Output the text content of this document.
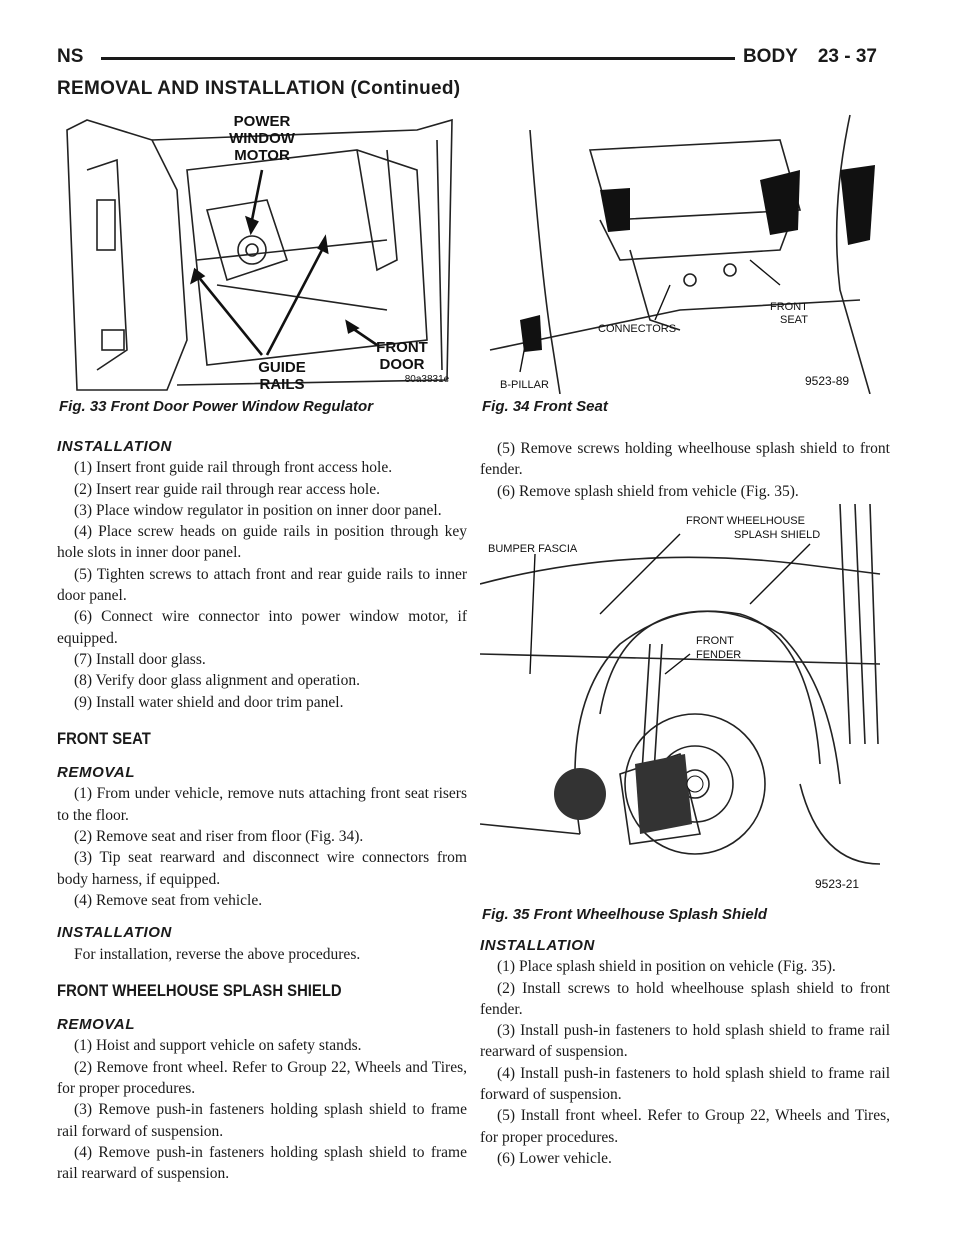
NS	BODY 23 - 37
REMOVAL AND INSTALLATION (Continued)
POWER
WINDOW
MOTOR
FRONT
DOOR
GUIDE
RAILS	80a3831e
Fig. 33 Front Door Power Window Regulator
FRONT
SEAT
CONNECTORS
B-PILLAR	9523-89
Fig. 34 Front Seat
INSTALLATION

(1) Insert front guide rail through front access hole.

(2) Insert rear guide rail through rear access hole.

(3) Place window regulator in position on inner door panel.

(4) Place screw heads on guide rails in position through key hole slots in inner door panel.

(5) Tighten screws to attach front and rear guide rails to inner door panel.

(6) Connect wire connector into power window motor, if equipped.

(7) Install door glass.

(8) Verify door glass alignment and operation.

(9) Install water shield and door trim panel.

FRONT SEAT
REMOVAL

(1) From under vehicle, remove nuts attaching front seat risers to the floor.

(2) Remove seat and riser from floor (Fig. 34).

(3) Tip seat rearward and disconnect wire connectors from body harness, if equipped.

(4) Remove seat from vehicle.

INSTALLATION

For installation, reverse the above procedures.

FRONT WHEELHOUSE SPLASH SHIELD
REMOVAL

(1) Hoist and support vehicle on safety stands.

(2) Remove front wheel. Refer to Group 22, Wheels and Tires, for proper procedures.

(3) Remove push-in fasteners holding splash shield to frame rail forward of suspension.

(4) Remove push-in fasteners holding splash shield to frame rail rearward of suspension.

(5) Remove screws holding wheelhouse splash shield to front fender.

(6) Remove splash shield from vehicle (Fig. 35).

BUMPER FASCIA
FRONT WHEELHOUSE
SPLASH SHIELD
FRONT
FENDER
9523-21
Fig. 35 Front Wheelhouse Splash Shield
INSTALLATION

(1) Place splash shield in position on vehicle (Fig. 35).

(2) Install screws to hold wheelhouse splash shield to front fender.

(3) Install push-in fasteners to hold splash shield to frame rail rearward of suspension.

(4) Install push-in fasteners to hold splash shield to frame rail forward of suspension.

(5) Install front wheel. Refer to Group 22, Wheels and Tires, for proper procedures.

(6) Lower vehicle.
